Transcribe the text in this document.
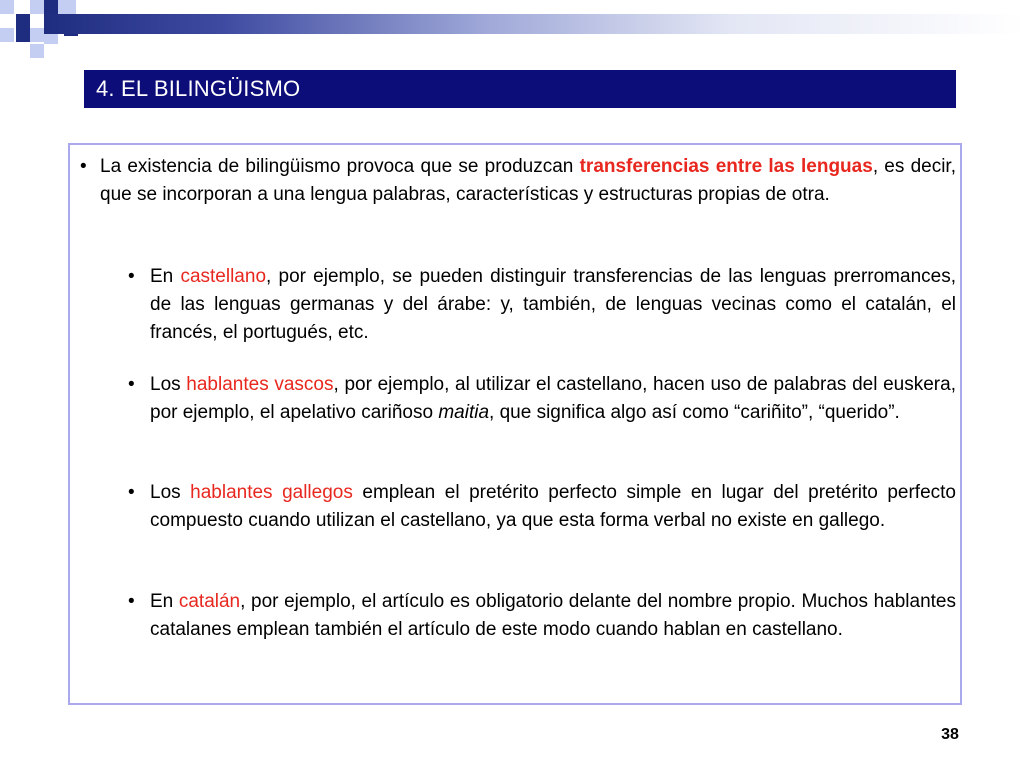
4. EL BILINGÜISMO
• La existencia de bilingüismo provoca que se produzcan transferencias entre las lenguas, es decir, que se incorporan a una lengua palabras, características y estructuras propias de otra.
• En castellano, por ejemplo, se pueden distinguir transferencias de las lenguas prerromances, de las lenguas germanas y del árabe: y, también, de lenguas vecinas como el catalán, el francés, el portugués, etc.
• Los hablantes vascos, por ejemplo, al utilizar el castellano, hacen uso de palabras del euskera, por ejemplo, el apelativo cariñoso maitia, que significa algo así como “cariñito”, “querido”.
• Los hablantes gallegos emplean el pretérito perfecto simple en lugar del pretérito perfecto compuesto cuando utilizan el castellano, ya que esta forma verbal no existe en gallego.
• En catalán, por ejemplo, el artículo es obligatorio delante del nombre propio. Muchos hablantes catalanes emplean también el artículo de este modo cuando hablan en castellano.
38
